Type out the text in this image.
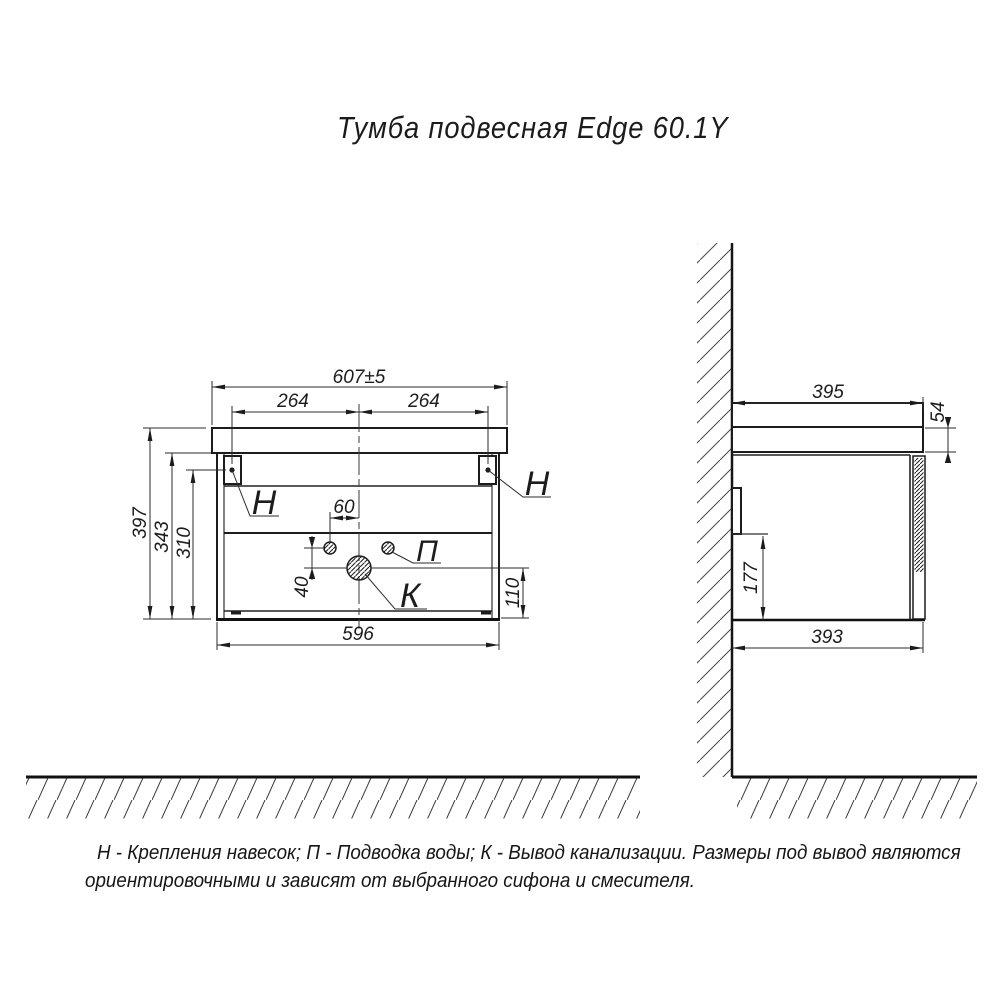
Тумба подвесная Edge 60.1Y
607±5
264	264
397 343 310
596
60
40	110
Н	Н
П
К
395
54
177
393
Н - Крепления навесок; П - Подводка воды; К - Вывод канализации. Размеры под вывод являются
ориентировочными и зависят от выбранного сифона и смесителя.
